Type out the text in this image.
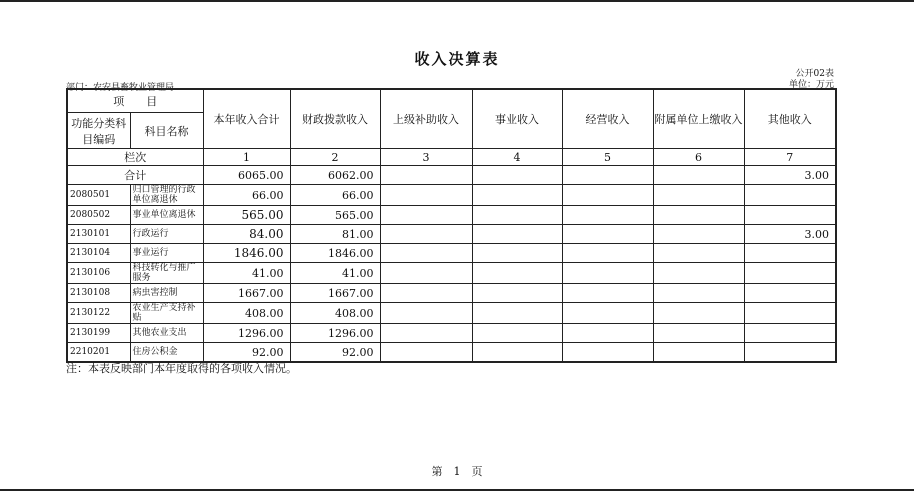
收入决算表
公开02表
单位：万元
部门：农安县畜牧业管理局
项　　目		本年收入合计	财政拨款收入	上级补助收入	事业收入	经营收入	附属单位上缴收入	其他收入
功能分类科目编码	科目名称							
栏次		1	2	3	4	5	6	7
合计		6065.00	6062.00					3.00
2080501	归口管理的行政单位离退休	66.00	66.00					
2080502	事业单位离退休	565.00	565.00					
2130101	行政运行	84.00	81.00					3.00
2130104	事业运行	1846.00	1846.00					
2130106	科技转化与推广服务	41.00	41.00					
2130108	病虫害控制	1667.00	1667.00					
2130122	农业生产支持补贴	408.00	408.00					
2130199	其他农业支出	1296.00	1296.00					
2210201	住房公积金	92.00	92.00					
注：本表反映部门本年度取得的各项收入情况。
第　1　页
